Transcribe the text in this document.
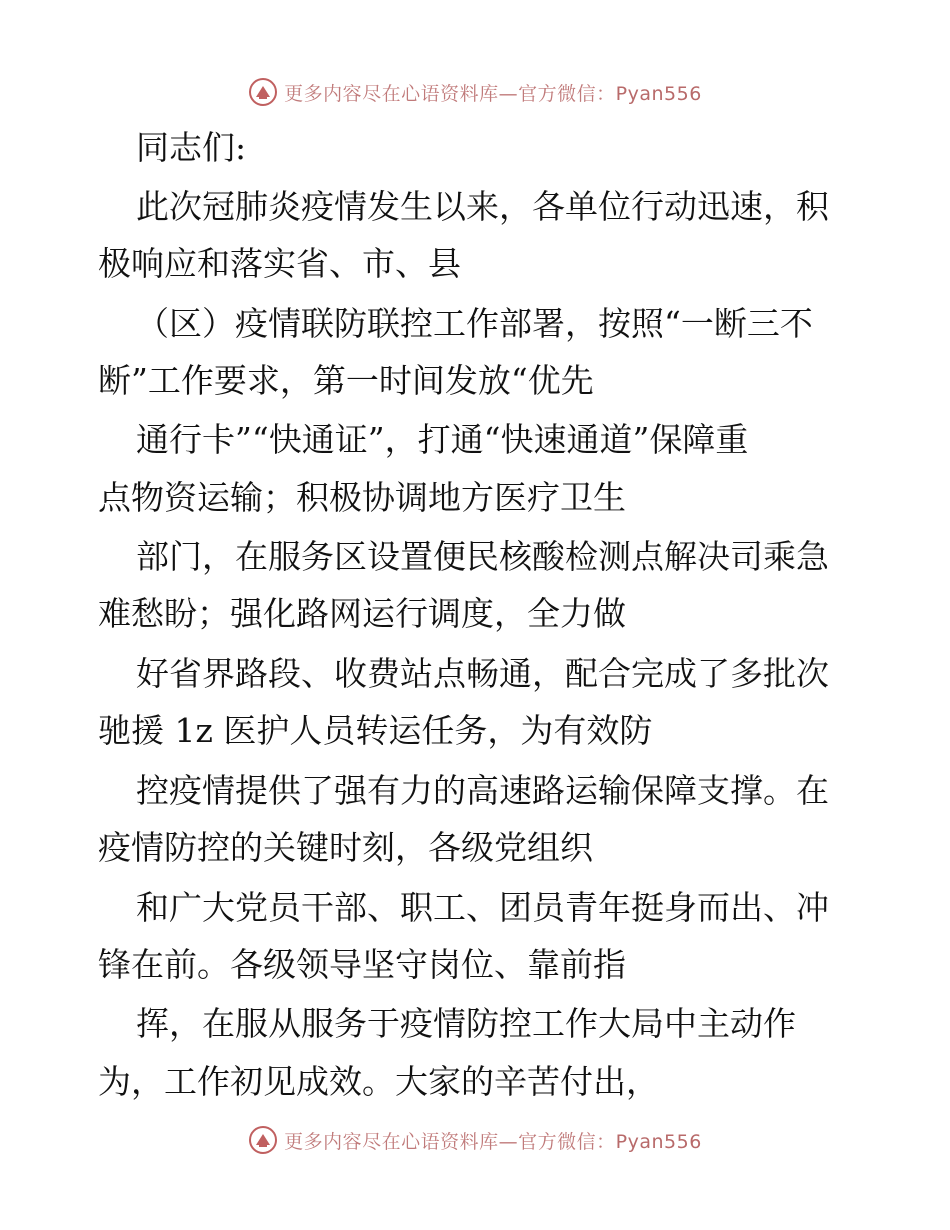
更多内容尽在心语资料库—官方微信：Pyan556
同志们:
此次冠肺炎疫情发生以来，各单位行动迅速，积
极响应和落实省、市、县
（区）疫情联防联控工作部署，按照“一断三不
断”工作要求，第一时间发放“优先
通行卡”“快通证”，打通“快速通道”保障重
点物资运输；积极协调地方医疗卫生
部门，在服务区设置便民核酸检测点解决司乘急
难愁盼；强化路网运行调度，全力做
好省界路段、收费站点畅通，配合完成了多批次
驰援 1z 医护人员转运任务，为有效防
控疫情提供了强有力的高速路运输保障支撑。在
疫情防控的关键时刻，各级党组织
和广大党员干部、职工、团员青年挺身而出、冲
锋在前。各级领导坚守岗位、靠前指
挥，在服从服务于疫情防控工作大局中主动作
为，工作初见成效。大家的辛苦付出，
更多内容尽在心语资料库—官方微信：Pyan556
